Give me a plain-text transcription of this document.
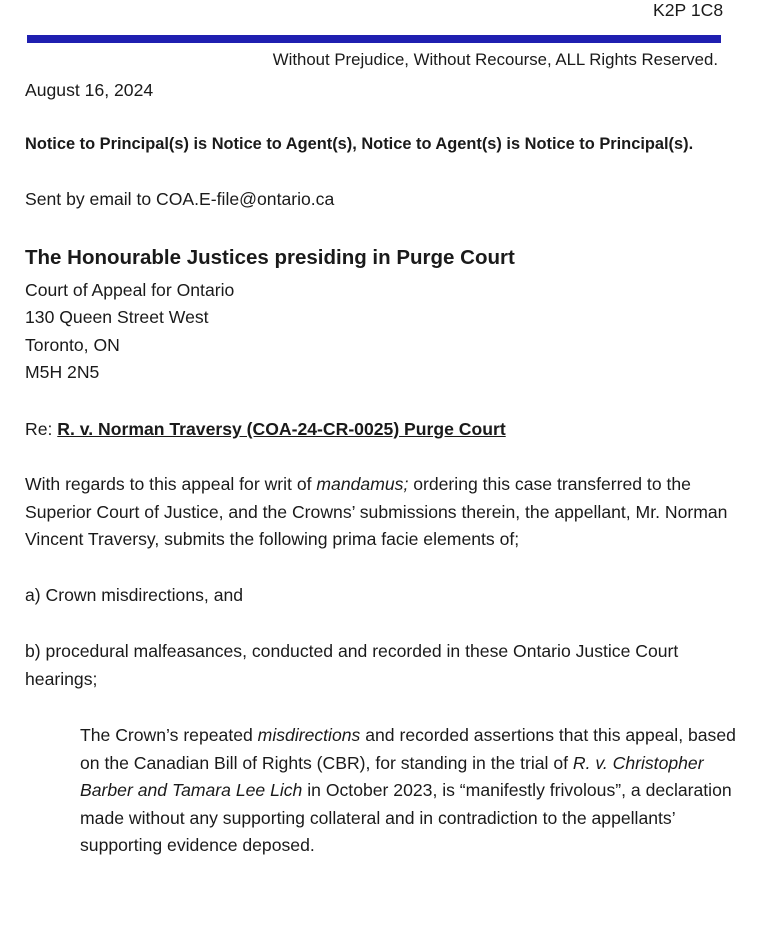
K2P 1C8
Without Prejudice, Without Recourse, ALL Rights Reserved.
August 16, 2024
Notice to Principal(s) is Notice to Agent(s), Notice to Agent(s) is Notice to Principal(s).
Sent by email to COA.E-file@ontario.ca
The Honourable Justices presiding in Purge Court
Court of Appeal for Ontario
130 Queen Street West
Toronto, ON
M5H 2N5
Re: R. v. Norman Traversy (COA-24-CR-0025) Purge Court

With regards to this appeal for writ of mandamus; ordering this case transferred to the Superior Court of Justice, and the Crowns’ submissions therein, the appellant, Mr. Norman Vincent Traversy, submits the following prima facie elements of;

a) Crown misdirections, and
b) procedural malfeasances, conducted and recorded in these Ontario Justice Court hearings;

The Crown’s repeated misdirections and recorded assertions that this appeal, based on the Canadian Bill of Rights (CBR), for standing in the trial of R. v. Christopher Barber and Tamara Lee Lich in October 2023, is “manifestly frivolous”, a declaration made without any supporting collateral and in contradiction to the appellants’ supporting evidence deposed.
